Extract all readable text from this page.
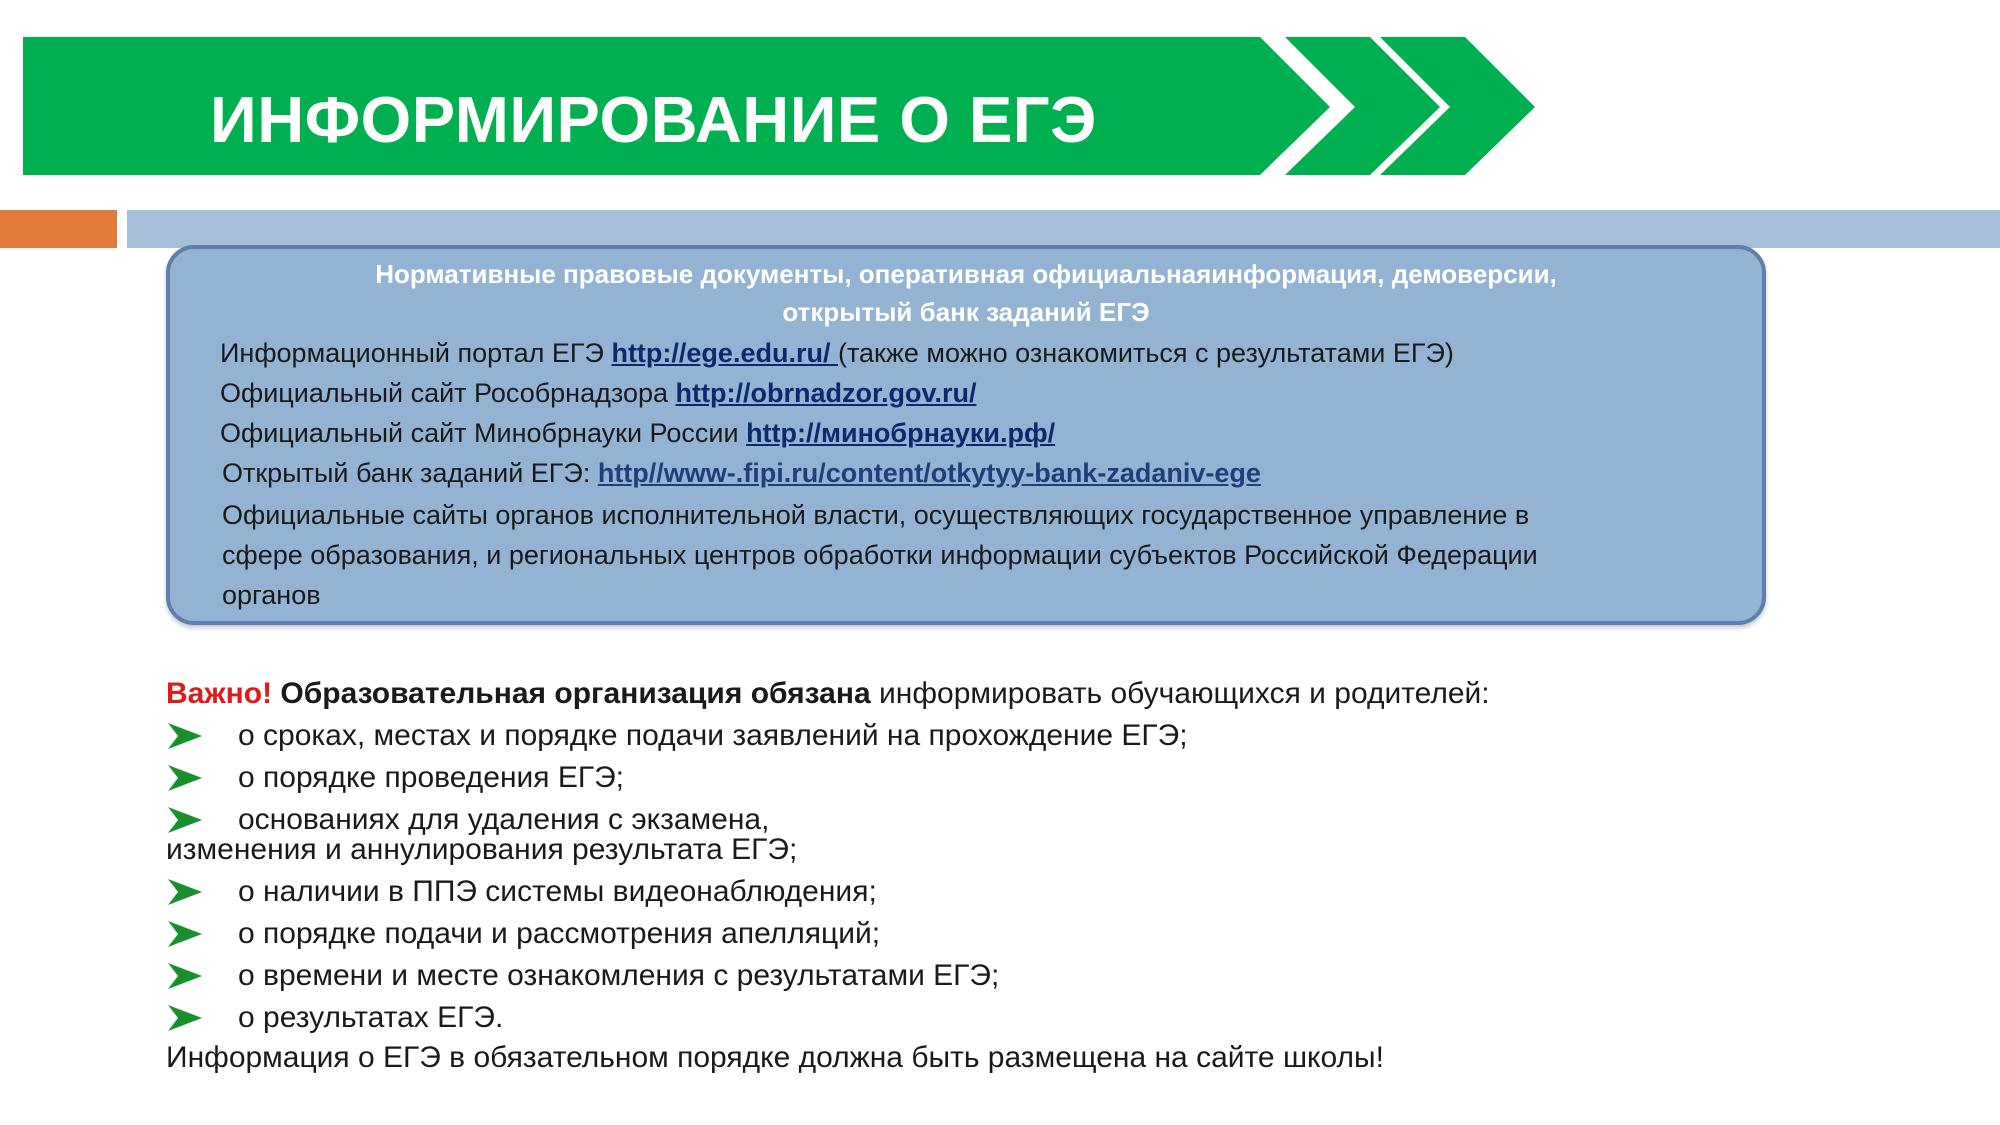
ИНФОРМИРОВАНИЕ О ЕГЭ
Нормативные правовые документы, оперативная официальнаяинформация, демоверсии,
открытый банк заданий ЕГЭ
Информационный портал ЕГЭ http://ege.edu.ru/ (также можно ознакомиться с результатами ЕГЭ)
Официальный сайт Рособрнадзора http://obrnadzor.gov.ru/
Официальный сайт Минобрнауки России http://минобрнауки.рф/
Открытый банк заданий ЕГЭ: http//www-.fipi.ru/content/otkytyy-bank-zadaniv-ege
Официальные сайты органов исполнительной власти, осуществляющих государственное управление в
сфере образования, и региональных центров обработки информации субъектов Российской Федерации
органов
Важно! Образовательная организация обязана информировать обучающихся и родителей:
о сроках, местах и порядке подачи заявлений на прохождение ЕГЭ;
о порядке проведения ЕГЭ;
основаниях для удаления с экзамена,
изменения и аннулирования результата ЕГЭ;
о наличии в ППЭ системы видеонаблюдения;
о порядке подачи и рассмотрения апелляций;
о времени и месте ознакомления с результатами ЕГЭ;
о результатах ЕГЭ.
Информация о ЕГЭ в обязательном порядке должна быть размещена на сайте школы!
